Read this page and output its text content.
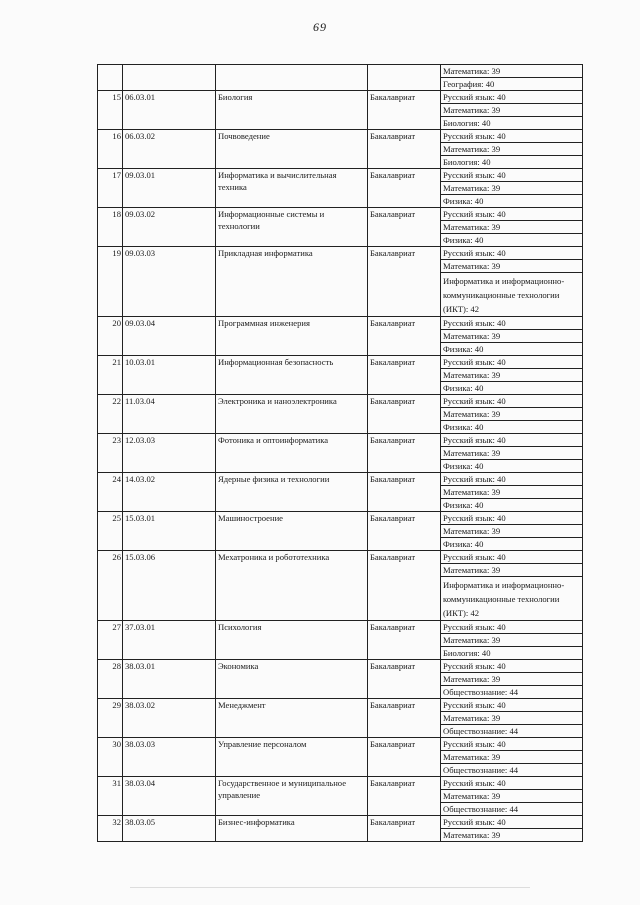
69
				Математика: 39
				География: 40
15	06.03.01	Биология	Бакалавриат	Русский язык: 40
				Математика: 39
				Биология: 40
16	06.03.02	Почвоведение	Бакалавриат	Русский язык: 40
				Математика: 39
				Биология: 40
17	09.03.01	Информатика и вычислительная техника	Бакалавриат	Русский язык: 40
				Математика: 39
				Физика: 40
18	09.03.02	Информационные системы и технологии	Бакалавриат	Русский язык: 40
				Математика: 39
				Физика: 40
19	09.03.03	Прикладная информатика	Бакалавриат	Русский язык: 40
				Математика: 39
				Информатика и информационно-коммуникационные технологии (ИКТ): 42
20	09.03.04	Программная инженерия	Бакалавриат	Русский язык: 40
				Математика: 39
				Физика: 40
21	10.03.01	Информационная безопасность	Бакалавриат	Русский язык: 40
				Математика: 39
				Физика: 40
22	11.03.04	Электроника и наноэлектроника	Бакалавриат	Русский язык: 40
				Математика: 39
				Физика: 40
23	12.03.03	Фотоника и оптоинформатика	Бакалавриат	Русский язык: 40
				Математика: 39
				Физика: 40
24	14.03.02	Ядерные физика и технологии	Бакалавриат	Русский язык: 40
				Математика: 39
				Физика: 40
25	15.03.01	Машиностроение	Бакалавриат	Русский язык: 40
				Математика: 39
				Физика: 40
26	15.03.06	Мехатроника и робототехника	Бакалавриат	Русский язык: 40
				Математика: 39
				Информатика и информационно-коммуникационные технологии (ИКТ): 42
27	37.03.01	Психология	Бакалавриат	Русский язык: 40
				Математика: 39
				Биология: 40
28	38.03.01	Экономика	Бакалавриат	Русский язык: 40
				Математика: 39
				Обществознание: 44
29	38.03.02	Менеджмент	Бакалавриат	Русский язык: 40
				Математика: 39
				Обществознание: 44
30	38.03.03	Управление персоналом	Бакалавриат	Русский язык: 40
				Математика: 39
				Обществознание: 44
31	38.03.04	Государственное и муниципальное управление	Бакалавриат	Русский язык: 40
				Математика: 39
				Обществознание: 44
32	38.03.05	Бизнес-информатика	Бакалавриат	Русский язык: 40
				Математика: 39
